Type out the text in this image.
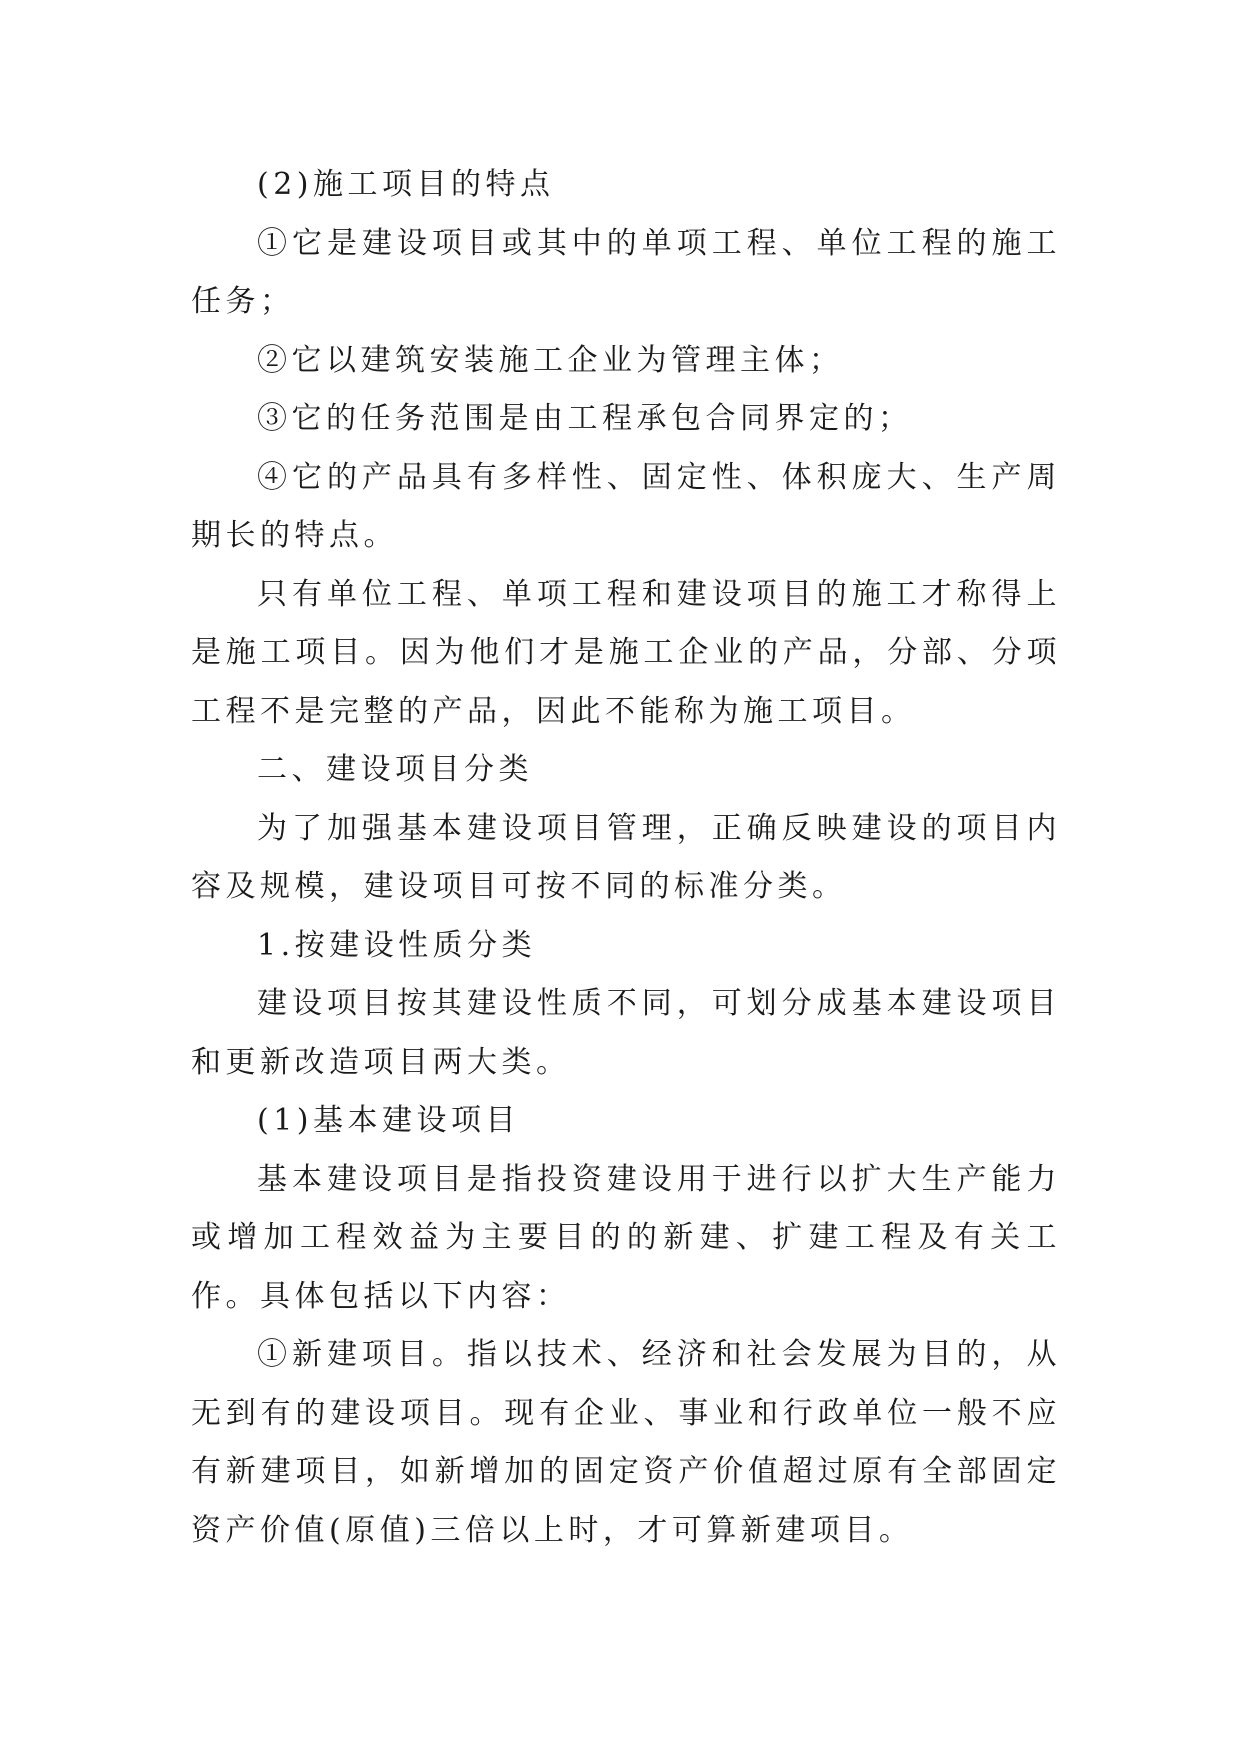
(2)施工项目的特点

①它是建设项目或其中的单项工程、单位工程的施工任务；

②它以建筑安装施工企业为管理主体；

③它的任务范围是由工程承包合同界定的；

④它的产品具有多样性、固定性、体积庞大、生产周期长的特点。

只有单位工程、单项工程和建设项目的施工才称得上是施工项目。因为他们才是施工企业的产品，分部、分项工程不是完整的产品，因此不能称为施工项目。

二、建设项目分类

为了加强基本建设项目管理，正确反映建设的项目内容及规模，建设项目可按不同的标准分类。

1.按建设性质分类

建设项目按其建设性质不同，可划分成基本建设项目和更新改造项目两大类。

(1)基本建设项目

基本建设项目是指投资建设用于进行以扩大生产能力或增加工程效益为主要目的的新建、扩建工程及有关工作。具体包括以下内容：

①新建项目。指以技术、经济和社会发展为目的，从无到有的建设项目。现有企业、事业和行政单位一般不应有新建项目，如新增加的固定资产价值超过原有全部固定资产价值(原值)三倍以上时，才可算新建项目。
